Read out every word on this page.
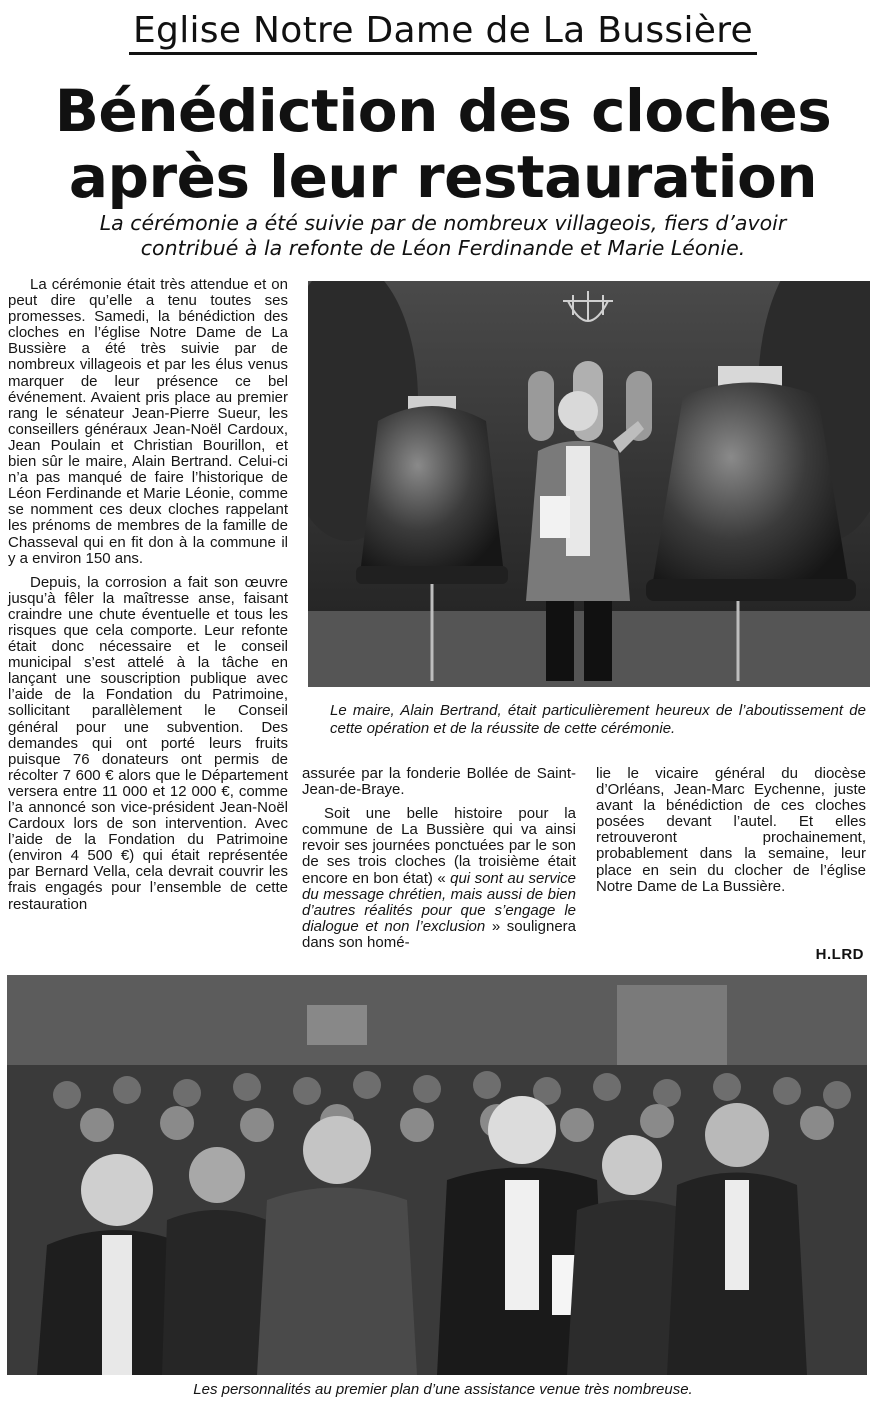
Eglise Notre Dame de La Bussière
Bénédiction des cloches
après leur restauration
La cérémonie a été suivie par de nombreux villageois, fiers d’avoir
contribué à la refonte de Léon Ferdinande et Marie Léonie.

La cérémonie était très attendue et on peut dire qu’elle a tenu toutes ses promesses. Samedi, la bénédiction des cloches en l’église Notre Dame de La Bussière a été très suivie par de nombreux villageois et par les élus venus marquer de leur présence ce bel événement. Avaient pris place au premier rang le sénateur Jean-Pierre Sueur, les conseillers généraux Jean-Noël Cardoux, Jean Poulain et Christian Bourillon, et bien sûr le maire, Alain Bertrand. Celui-ci n’a pas manqué de faire l’historique de Léon Ferdinande et Marie Léonie, comme se nomment ces deux cloches rappelant les prénoms de membres de la famille de Chasseval qui en fit don à la commune il y a environ 150 ans.

Depuis, la corrosion a fait son œuvre jusqu’à fêler la maîtresse anse, faisant craindre une chute éventuelle et tous les risques que cela comporte. Leur refonte était donc nécessaire et le conseil municipal s’est attelé à la tâche en lançant une souscription publique avec l’aide de la Fondation du Patrimoine, sollicitant parallèlement le Conseil général pour une subvention. Des demandes qui ont porté leurs fruits puisque 76 donateurs ont permis de récolter 7 600 € alors que le Département versera entre 11 000 et 12 000 €, comme l’a annoncé son vice-président Jean-Noël Cardoux lors de son intervention. Avec l’aide de la Fondation du Patrimoine (environ 4 500 €) qui était représentée par Bernard Vella, cela devrait couvrir les frais engagés pour l’ensemble de cette restauration

Le maire, Alain Bertrand, était particulièrement heureux de l’aboutissement de cette opération et de la réussite de cette cérémonie.

assurée par la fonderie Bollée de Saint-Jean-de-Braye.

Soit une belle histoire pour la commune de La Bussière qui va ainsi revoir ses journées ponctuées par le son de ses trois cloches (la troisième était encore en bon état) « qui sont au service du message chrétien, mais aussi de bien d’autres réalités pour que s’engage le dialogue et non l’exclusion » soulignera dans son homé-

lie le vicaire général du diocèse d’Orléans, Jean-Marc Eychenne, juste avant la bénédiction de ces cloches posées devant l’autel. Et elles retrouveront prochainement, probablement dans la semaine, leur place en sein du clocher de l’église Notre Dame de La Bussière.

H.LRD
Les personnalités au premier plan d’une assistance venue très nombreuse.
